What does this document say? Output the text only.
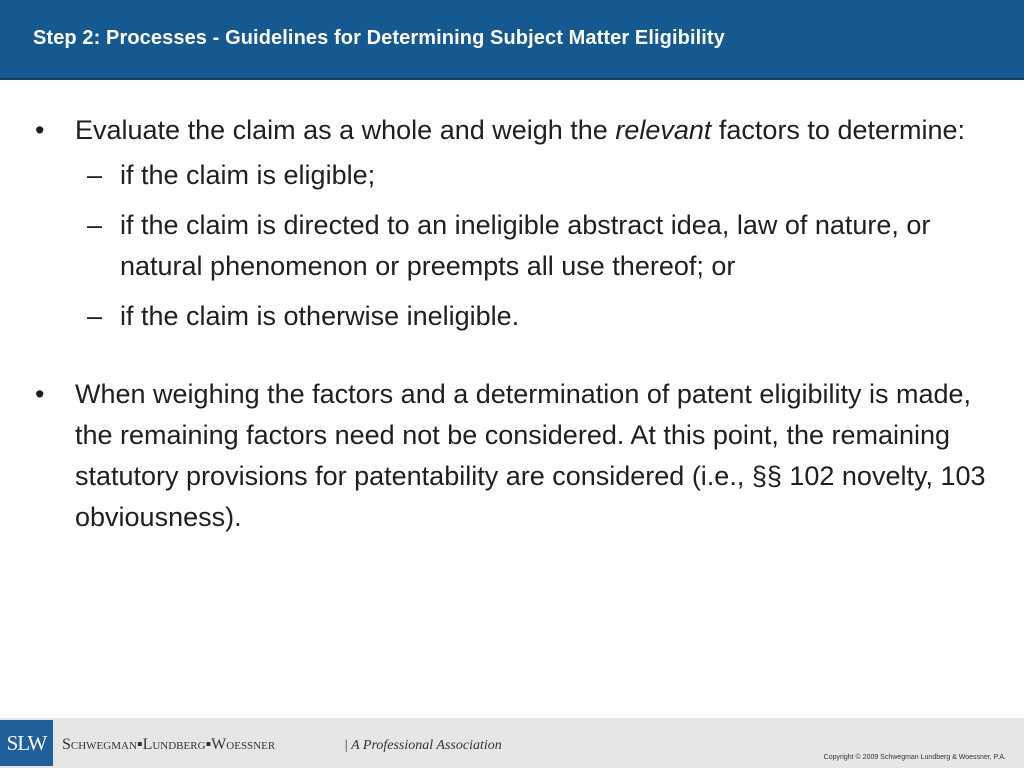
Step 2: Processes - Guidelines for Determining Subject Matter Eligibility
• Evaluate the claim as a whole and weigh the relevant factors to determine:
– if the claim is eligible;
– if the claim is directed to an ineligible abstract idea, law of nature, or natural phenomenon or preempts all use thereof; or
– if the claim is otherwise ineligible.
• When weighing the factors and a determination of patent eligibility is made, the remaining factors need not be considered. At this point, the remaining statutory provisions for patentability are considered (i.e., §§ 102 novelty, 103 obviousness).
SLW Schwegman▪Lundberg▪Woessner	| A Professional Association
Copyright © 2009 Schwegman Lundberg & Woessner, P.A.
